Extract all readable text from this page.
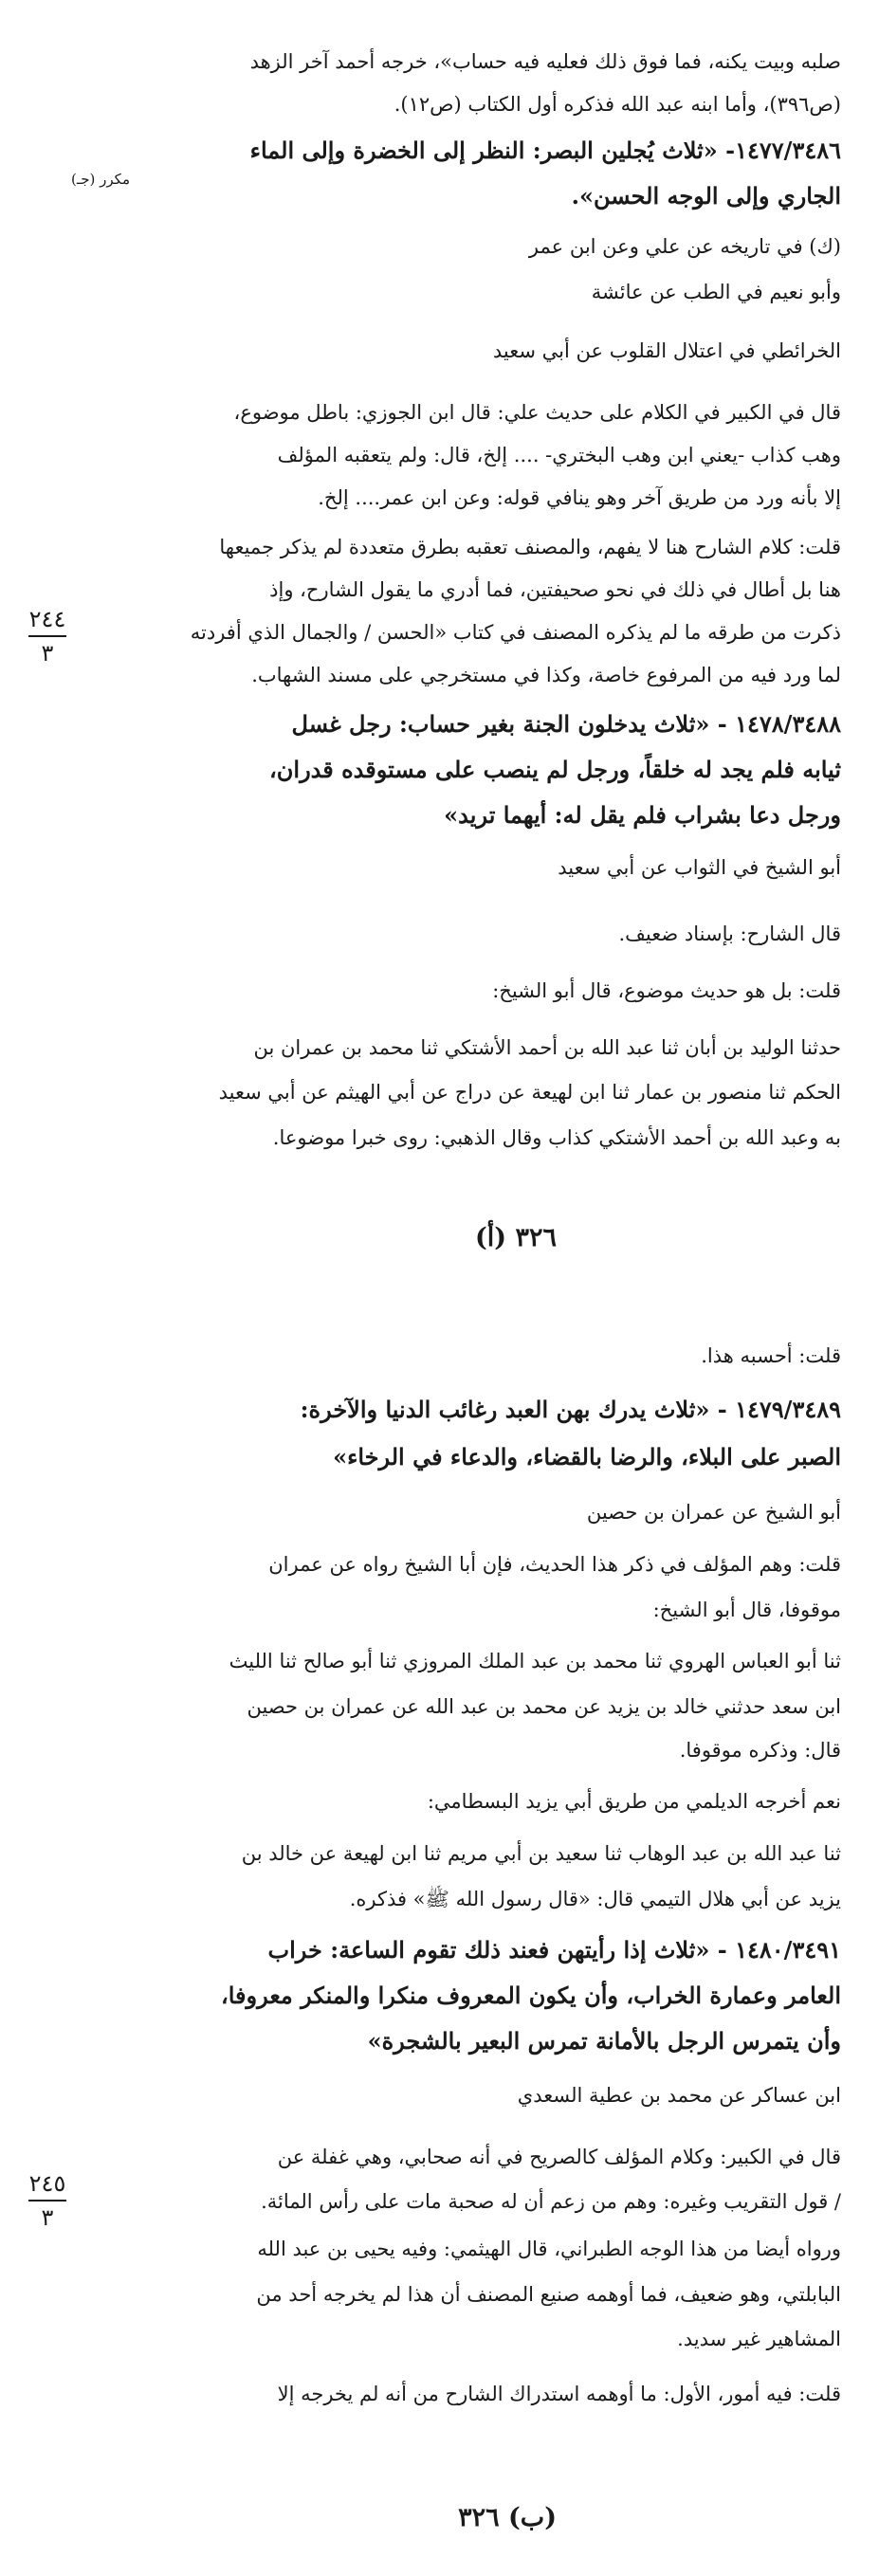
صلبه وبيت يكنه، فما فوق ذلك فعليه فيه حساب»، خرجه أحمد آخر الزهد
(ص٣٩٦)، وأما ابنه عبد الله فذكره أول الكتاب (ص١٢).
١٤٧٧/٣٤٨٦- «ثلاث يُجلين البصر: النظر إلى الخضرة وإلى الماء
الجاري وإلى الوجه الحسن».
(ك) في تاريخه عن علي وعن ابن عمر
وأبو نعيم في الطب عن عائشة
الخرائطي في اعتلال القلوب عن أبي سعيد
قال في الكبير في الكلام على حديث علي: قال ابن الجوزي: باطل موضوع،
وهب كذاب -يعني ابن وهب البختري- .... إلخ، قال: ولم يتعقبه المؤلف
إلا بأنه ورد من طريق آخر وهو ينافي قوله: وعن ابن عمر.... إلخ.
قلت: كلام الشارح هنا لا يفهم، والمصنف تعقبه بطرق متعددة لم يذكر جميعها
هنا بل أطال في ذلك في نحو صحيفتين، فما أدري ما يقول الشارح، وإذ
ذكرت من طرقه ما لم يذكره المصنف في كتاب «الحسن / والجمال الذي أفردته
لما ورد فيه من المرفوع خاصة، وكذا في مستخرجي على مسند الشهاب.
١٤٧٨/٣٤٨٨ - «ثلاث يدخلون الجنة بغير حساب: رجل غسل
ثيابه فلم يجد له خلقاً، ورجل لم ينصب على مستوقده قدران،
ورجل دعا بشراب فلم يقل له: أيهما تريد»
أبو الشيخ في الثواب عن أبي سعيد
قال الشارح: بإسناد ضعيف.
قلت: بل هو حديث موضوع، قال أبو الشيخ:
حدثنا الوليد بن أبان ثنا عبد الله بن أحمد الأشتكي ثنا محمد بن عمران بن
الحكم ثنا منصور بن عمار ثنا ابن لهيعة عن دراج عن أبي الهيثم عن أبي سعيد
به وعبد الله بن أحمد الأشتكي كذاب وقال الذهبي: روى خبرا موضوعا.
قلت: أحسبه هذا.
١٤٧٩/٣٤٨٩ - «ثلاث يدرك بهن العبد رغائب الدنيا والآخرة:
الصبر على البلاء، والرضا بالقضاء، والدعاء في الرخاء»
أبو الشيخ عن عمران بن حصين
قلت: وهم المؤلف في ذكر هذا الحديث، فإن أبا الشيخ رواه عن عمران
موقوفا، قال أبو الشيخ:
ثنا أبو العباس الهروي ثنا محمد بن عبد الملك المروزي ثنا أبو صالح ثنا الليث
ابن سعد حدثني خالد بن يزيد عن محمد بن عبد الله عن عمران بن حصين
قال: وذكره موقوفا.
نعم أخرجه الديلمي من طريق أبي يزيد البسطامي:
ثنا عبد الله بن عبد الوهاب ثنا سعيد بن أبي مريم ثنا ابن لهيعة عن خالد بن
يزيد عن أبي هلال التيمي قال: «قال رسول الله ﷺ» فذكره.
١٤٨٠/٣٤٩١ - «ثلاث إذا رأيتهن فعند ذلك تقوم الساعة: خراب
العامر وعمارة الخراب، وأن يكون المعروف منكرا والمنكر معروفا،
وأن يتمرس الرجل بالأمانة تمرس البعير بالشجرة»
ابن عساكر عن محمد بن عطية السعدي
قال في الكبير: وكلام المؤلف كالصريح في أنه صحابي، وهي غفلة عن
/ قول التقريب وغيره: وهم من زعم أن له صحبة مات على رأس المائة.
ورواه أيضا من هذا الوجه الطبراني، قال الهيثمي: وفيه يحيى بن عبد الله
البابلتي، وهو ضعيف، فما أوهمه صنيع المصنف أن هذا لم يخرجه أحد من
المشاهير غير سديد.
قلت: فيه أمور، الأول: ما أوهمه استدراك الشارح من أنه لم يخرجه إلا
مكرر (جـ)
٢٤٤
٣
٢٤٥
٣
٣٢٦ (أ)
(ب) ٣٢٦
